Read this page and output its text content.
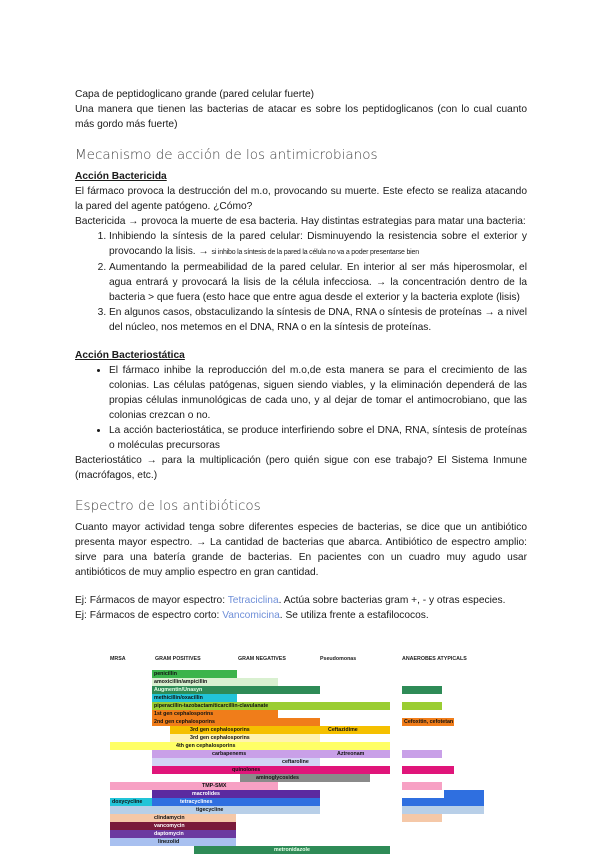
Capa de peptidoglicano grande (pared celular fuerte)

Una manera que tienen las bacterias de atacar es sobre los peptidoglicanos (con lo cual cuanto más gordo más fuerte)

Mecanismo de acción de los antimicrobianos

Acción Bactericida

El fármaco provoca la destrucción del m.o, provocando su muerte. Este efecto se realiza atacando la pared del agente patógeno. ¿Cómo?

Bactericida → provoca la muerte de esa bacteria. Hay distintas estrategias para matar una bacteria:

1. Inhibiendo la síntesis de la pared celular: Disminuyendo la resistencia sobre el exterior y provocando la lisis. → si inhibo la síntesis de la pared la célula no va a poder presentarse bien
2. Aumentando la permeabilidad de la pared celular. En interior al ser más hiperosmolar, el agua entrará y provocará la lisis de la célula infecciosa. → la concentración dentro de la bacteria > que fuera (esto hace que entre agua desde el exterior y la bacteria explote (lisis)
3. En algunos casos, obstaculizando la síntesis de DNA, RNA o síntesis de proteínas → a nivel del núcleo, nos metemos en el DNA, RNA o en la síntesis de proteínas.

Acción Bacteriostática

• El fármaco inhibe la reproducción del m.o,de esta manera se para el crecimiento de las colonias. Las células patógenas, siguen siendo viables, y la eliminación dependerá de las propias células inmunológicas de cada uno, y al dejar de tomar el antimocrobiano, que las colonias crezcan o no.
• La acción bacteriostática, se produce interfiriendo sobre el DNA, RNA, síntesis de proteínas o moléculas precursoras

Bacteriostático → para la multiplicación (pero quién sigue con ese trabajo? El Sistema Inmune (macrófagos, etc.)

Espectro de los antibióticos

Cuanto mayor actividad tenga sobre diferentes especies de bacterias, se dice que un antibiótico presenta mayor espectro. → La cantidad de bacterias que abarca. Antibiótico de espectro amplio: sirve para una batería grande de bacterias. En pacientes con un cuadro muy agudo usar antibióticos de muy amplio espectro en gran cantidad.

Ej: Fármacos de mayor espectro: Tetraciclina. Actúa sobre bacterias gram +, - y otras especies.

Ej: Fármacos de espectro corto: Vancomicina. Se utiliza frente a estafilococos.

MRSA	GRAM POSITIVES	GRAM NEGATIVES	Pseudomonas	ANAEROBES ATYPICALS
penicillin
amoxicillin/ampicillin
Augmentin/Unasyn
methicillin/oxacillin
piperacillin-tazobactam/ticarcillin-clavulanate
1st gen cephalosporins
2nd gen cephalosporins	Cefoxitin, cefotetan
3rd gen cephalosporins	Ceftazidime
3rd gen cephalosporins
4th gen cephalosporins
carbapenems	Aztreonam
ceftaroline
quinolones
aminoglycosides
TMP-SMX
macrolides
doxycycline	tetracyclines
tigecycline
clindamycin
vancomycin
daptomycin
linezolid
metronidazole
